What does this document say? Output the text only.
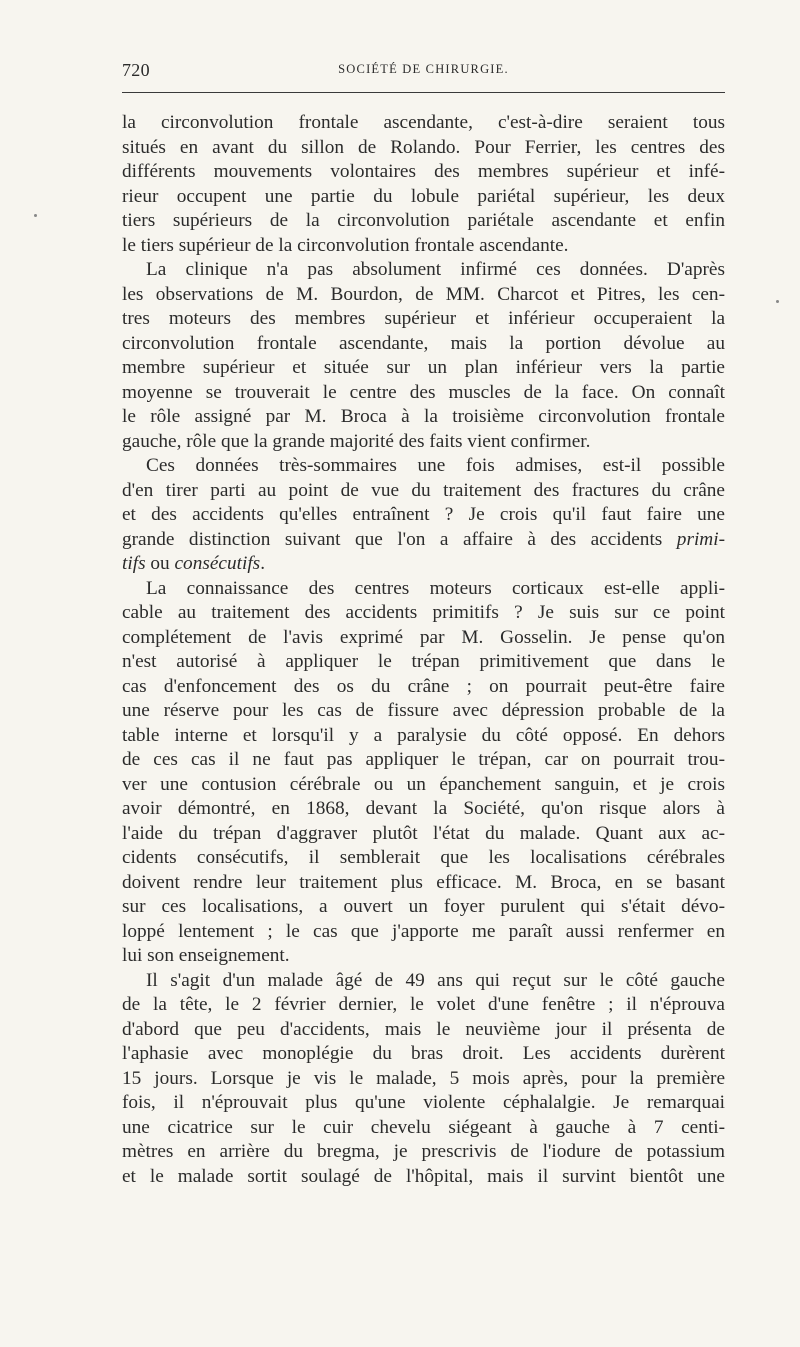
720	SOCIÉTÉ DE CHIRURGIE.
la circonvolution frontale ascendante, c'est-à-dire seraient tous
situés en avant du sillon de Rolando. Pour Ferrier, les centres des
différents mouvements volontaires des membres supérieur et infé-
rieur occupent une partie du lobule pariétal supérieur, les deux
tiers supérieurs de la circonvolution pariétale ascendante et enfin
le tiers supérieur de la circonvolution frontale ascendante.
La clinique n'a pas absolument infirmé ces données. D'après
les observations de M. Bourdon, de MM. Charcot et Pitres, les cen-
tres moteurs des membres supérieur et inférieur occuperaient la
circonvolution frontale ascendante, mais la portion dévolue au
membre supérieur et située sur un plan inférieur vers la partie
moyenne se trouverait le centre des muscles de la face. On connaît
le rôle assigné par M. Broca à la troisième circonvolution frontale
gauche, rôle que la grande majorité des faits vient confirmer.
Ces données très-sommaires une fois admises, est-il possible
d'en tirer parti au point de vue du traitement des fractures du crâne
et des accidents qu'elles entraînent ? Je crois qu'il faut faire une
grande distinction suivant que l'on a affaire à des accidents primi-
tifs ou consécutifs.
La connaissance des centres moteurs corticaux est-elle appli-
cable au traitement des accidents primitifs ? Je suis sur ce point
complétement de l'avis exprimé par M. Gosselin. Je pense qu'on
n'est autorisé à appliquer le trépan primitivement que dans le
cas d'enfoncement des os du crâne ; on pourrait peut-être faire
une réserve pour les cas de fissure avec dépression probable de la
table interne et lorsqu'il y a paralysie du côté opposé. En dehors
de ces cas il ne faut pas appliquer le trépan, car on pourrait trou-
ver une contusion cérébrale ou un épanchement sanguin, et je crois
avoir démontré, en 1868, devant la Société, qu'on risque alors à
l'aide du trépan d'aggraver plutôt l'état du malade. Quant aux ac-
cidents consécutifs, il semblerait que les localisations cérébrales
doivent rendre leur traitement plus efficace. M. Broca, en se basant
sur ces localisations, a ouvert un foyer purulent qui s'était dévo-
loppé lentement ; le cas que j'apporte me paraît aussi renfermer en
lui son enseignement.
Il s'agit d'un malade âgé de 49 ans qui reçut sur le côté gauche
de la tête, le 2 février dernier, le volet d'une fenêtre ; il n'éprouva
d'abord que peu d'accidents, mais le neuvième jour il présenta de
l'aphasie avec monoplégie du bras droit. Les accidents durèrent
15 jours. Lorsque je vis le malade, 5 mois après, pour la première
fois, il n'éprouvait plus qu'une violente céphalalgie. Je remarquai
une cicatrice sur le cuir chevelu siégeant à gauche à 7 centi-
mètres en arrière du bregma, je prescrivis de l'iodure de potassium
et le malade sortit soulagé de l'hôpital, mais il survint bientôt une
